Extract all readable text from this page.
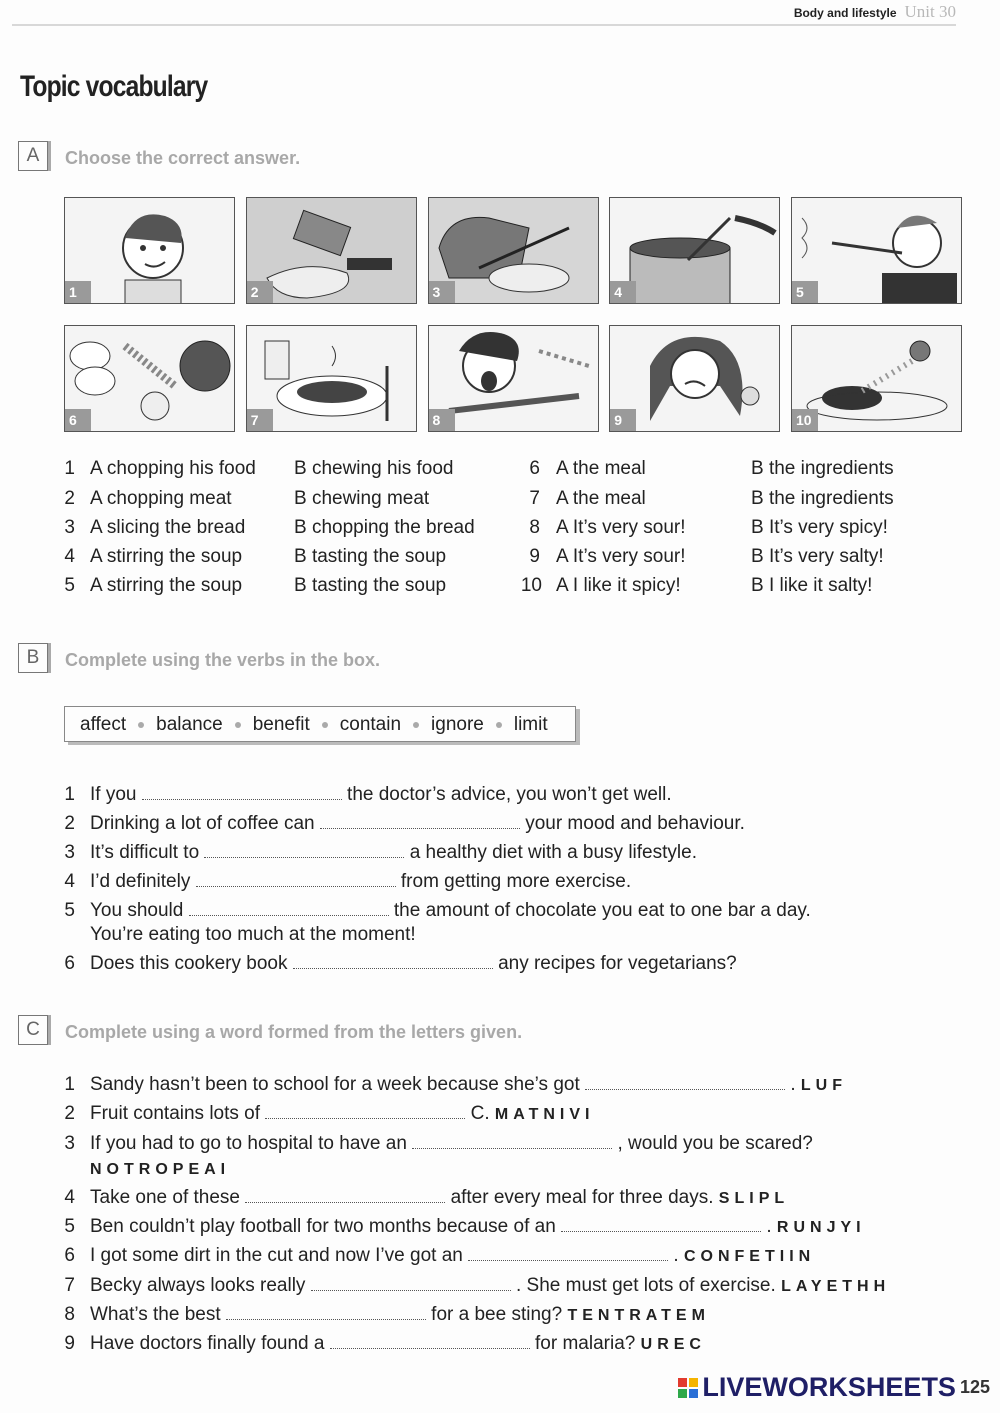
Body and lifestyle Unit 30
Topic vocabulary
A	Choose the correct answer.
1	2	3	4	5
6	7	8	9	10
1 A chopping his food B chewing his food
2 A chopping meat	B chewing meat
3 A slicing the bread	B chopping the bread
4 A stirring the soup	B tasting the soup
5 A stirring the soup	B tasting the soup
6 A the meal	B the ingredients
7 A the meal	B the ingredients
8 A It’s very sour!	B It’s very spicy!
9 A It’s very sour!	B It’s very salty!
10 A I like it spicy!	B I like it salty!
B	Complete using the verbs in the box.
affect balance benefit contain ignore limit
1 If you	the doctor’s advice, you won’t get well.
2 Drinking a lot of coffee can	your mood and behaviour.
3 It’s difficult to	a healthy diet with a busy lifestyle.
4 I’d definitely	from getting more exercise.
5 You should	the amount of chocolate you eat to one bar a day.
You’re eating too much at the moment!
6 Does this cookery book	any recipes for vegetarians?
C	Complete using a word formed from the letters given.
1 Sandy hasn’t been to school for a week because she’s got	. LUF
2 Fruit contains lots of	C. MATNIVI
3 If you had to go to hospital to have an	, would you be scared?
NOTROPEAI
4 Take one of these	after every meal for three days. SLIPL
5 Ben couldn’t play football for two months because of an	. RUNJYI
6 I got some dirt in the cut and now I’ve got an	. CONFETIIN
7 Becky always looks really	. She must get lots of exercise. LAYETHH
8 What’s the best	for a bee sting? TENTRATEM
9 Have doctors finally found a	for malaria? UREC
LIVEWORKSHEETS 125
